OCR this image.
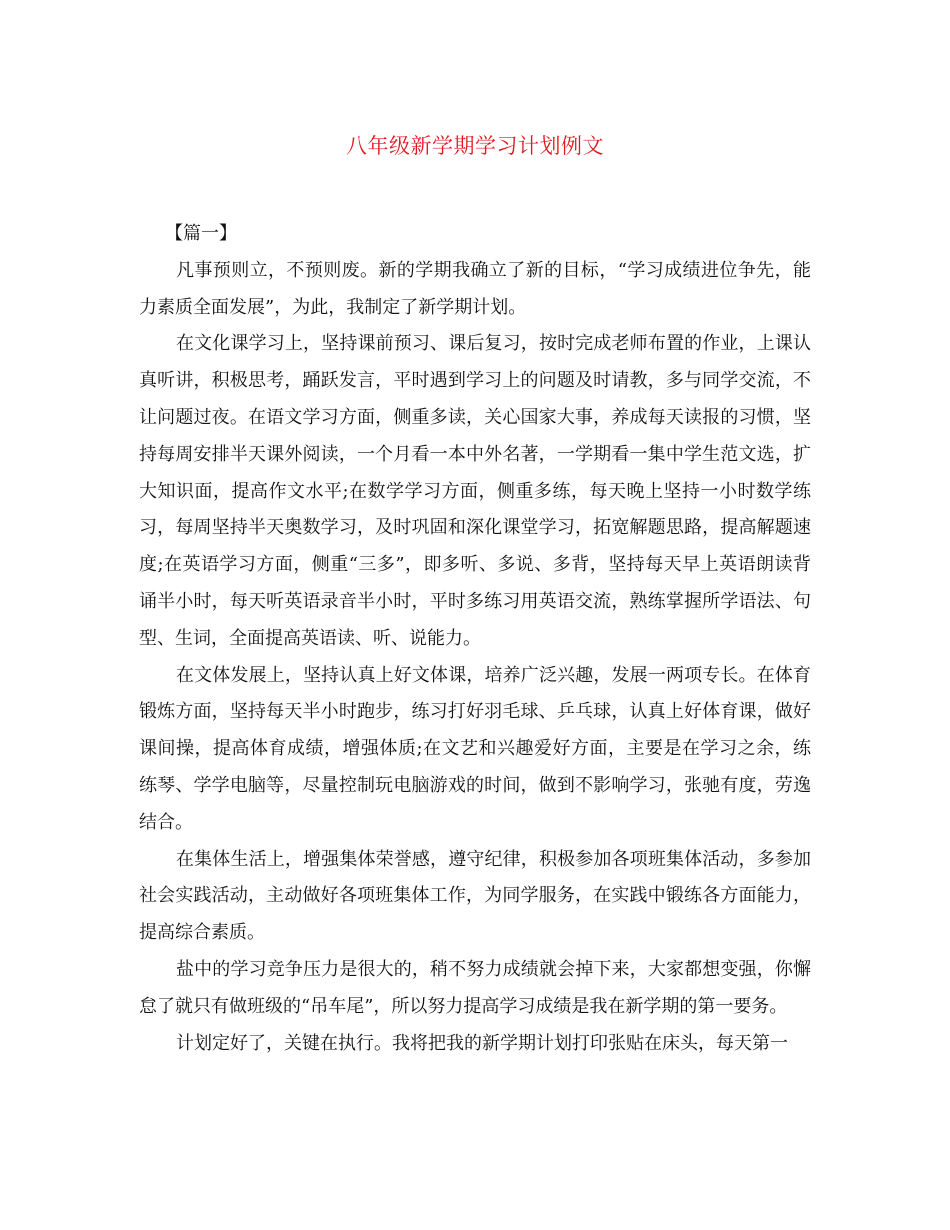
八年级新学期学习计划例文

【篇一】

凡事预则立，不预则废。新的学期我确立了新的目标，“学习成绩进位争先，能力素质全面发展”，为此，我制定了新学期计划。

在文化课学习上，坚持课前预习、课后复习，按时完成老师布置的作业，上课认真听讲，积极思考，踊跃发言，平时遇到学习上的问题及时请教，多与同学交流，不让问题过夜。在语文学习方面，侧重多读，关心国家大事，养成每天读报的习惯，坚持每周安排半天课外阅读，一个月看一本中外名著，一学期看一集中学生范文选，扩大知识面，提高作文水平;在数学学习方面，侧重多练，每天晚上坚持一小时数学练习，每周坚持半天奥数学习，及时巩固和深化课堂学习，拓宽解题思路，提高解题速度;在英语学习方面，侧重“三多”，即多听、多说、多背，坚持每天早上英语朗读背诵半小时，每天听英语录音半小时，平时多练习用英语交流，熟练掌握所学语法、句型、生词，全面提高英语读、听、说能力。

在文体发展上，坚持认真上好文体课，培养广泛兴趣，发展一两项专长。在体育锻炼方面，坚持每天半小时跑步，练习打好羽毛球、乒乓球，认真上好体育课，做好课间操，提高体育成绩，增强体质;在文艺和兴趣爱好方面，主要是在学习之余，练练琴、学学电脑等，尽量控制玩电脑游戏的时间，做到不影响学习，张驰有度，劳逸结合。

在集体生活上，增强集体荣誉感，遵守纪律，积极参加各项班集体活动，多参加社会实践活动，主动做好各项班集体工作，为同学服务，在实践中锻练各方面能力，提高综合素质。

盐中的学习竞争压力是很大的，稍不努力成绩就会掉下来，大家都想变强，你懈怠了就只有做班级的“吊车尾”，所以努力提高学习成绩是我在新学期的第一要务。

计划定好了，关键在执行。我将把我的新学期计划打印张贴在床头，每天第一
